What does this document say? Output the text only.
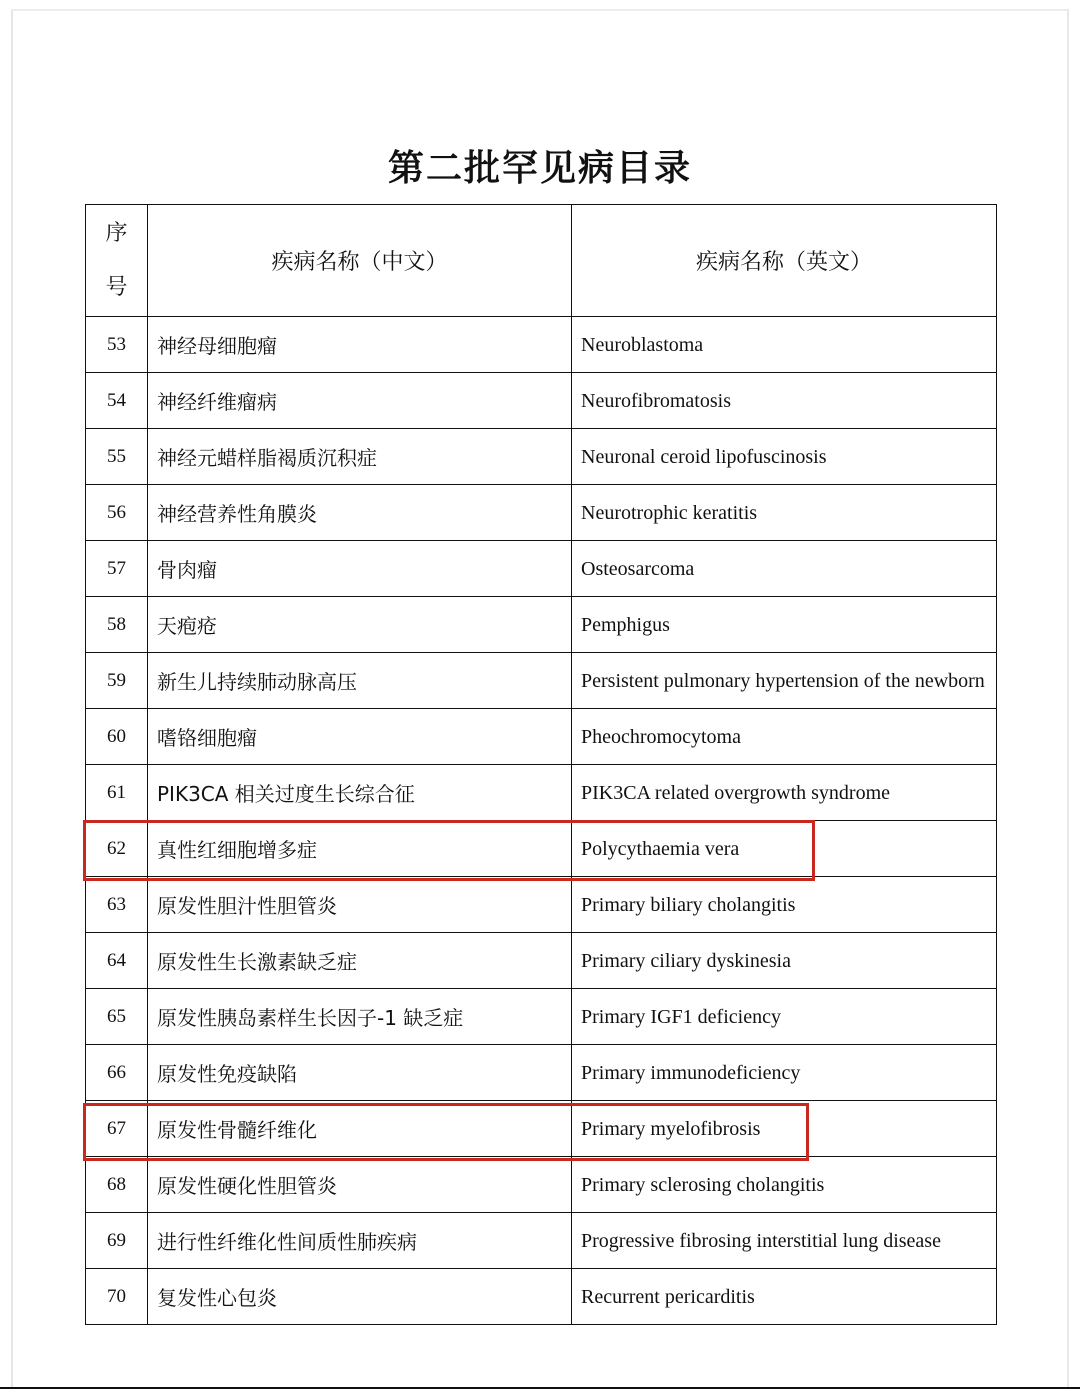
第二批罕见病目录
序
号	疾病名称（中文）	疾病名称（英文）
53	神经母细胞瘤	Neuroblastoma
54	神经纤维瘤病	Neurofibromatosis
55	神经元蜡样脂褐质沉积症	Neuronal ceroid lipofuscinosis
56	神经营养性角膜炎	Neurotrophic keratitis
57	骨肉瘤	Osteosarcoma
58	天疱疮	Pemphigus
59	新生儿持续肺动脉高压	Persistent pulmonary hypertension of the newborn
60	嗜铬细胞瘤	Pheochromocytoma
61	PIK3CA 相关过度生长综合征	PIK3CA related overgrowth syndrome
62	真性红细胞增多症	Polycythaemia vera
63	原发性胆汁性胆管炎	Primary biliary cholangitis
64	原发性生长激素缺乏症	Primary ciliary dyskinesia
65	原发性胰岛素样生长因子-1 缺乏症	Primary IGF1 deficiency
66	原发性免疫缺陷	Primary immunodeficiency
67	原发性骨髓纤维化	Primary myelofibrosis
68	原发性硬化性胆管炎	Primary sclerosing cholangitis
69	进行性纤维化性间质性肺疾病	Progressive fibrosing interstitial lung disease
70	复发性心包炎	Recurrent pericarditis
